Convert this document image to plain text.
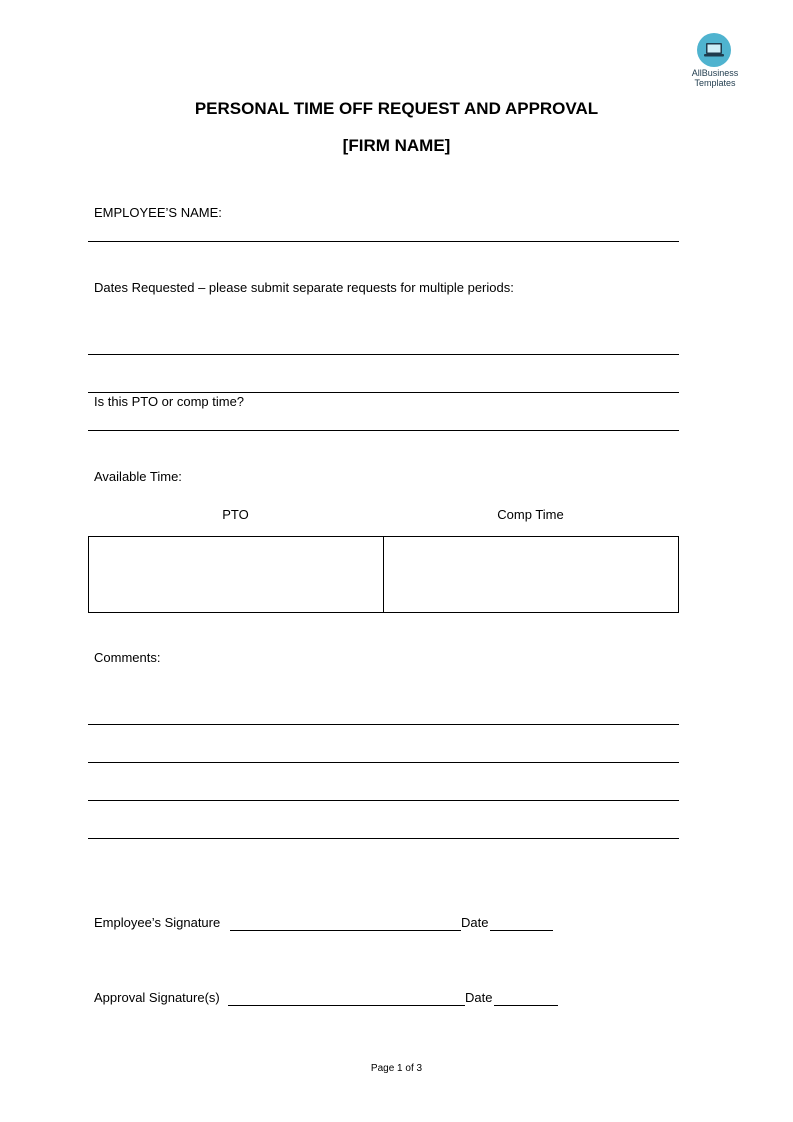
AllBusiness
Templates
PERSONAL TIME OFF REQUEST AND APPROVAL
[FIRM NAME]
EMPLOYEE’S NAME:
Dates Requested – please submit separate requests for multiple periods:
Is this PTO or comp time?
Available Time:
PTO	Comp Time
Comments:
Employee’s Signature	Date
Approval Signature(s)	Date
Page 1 of 3
